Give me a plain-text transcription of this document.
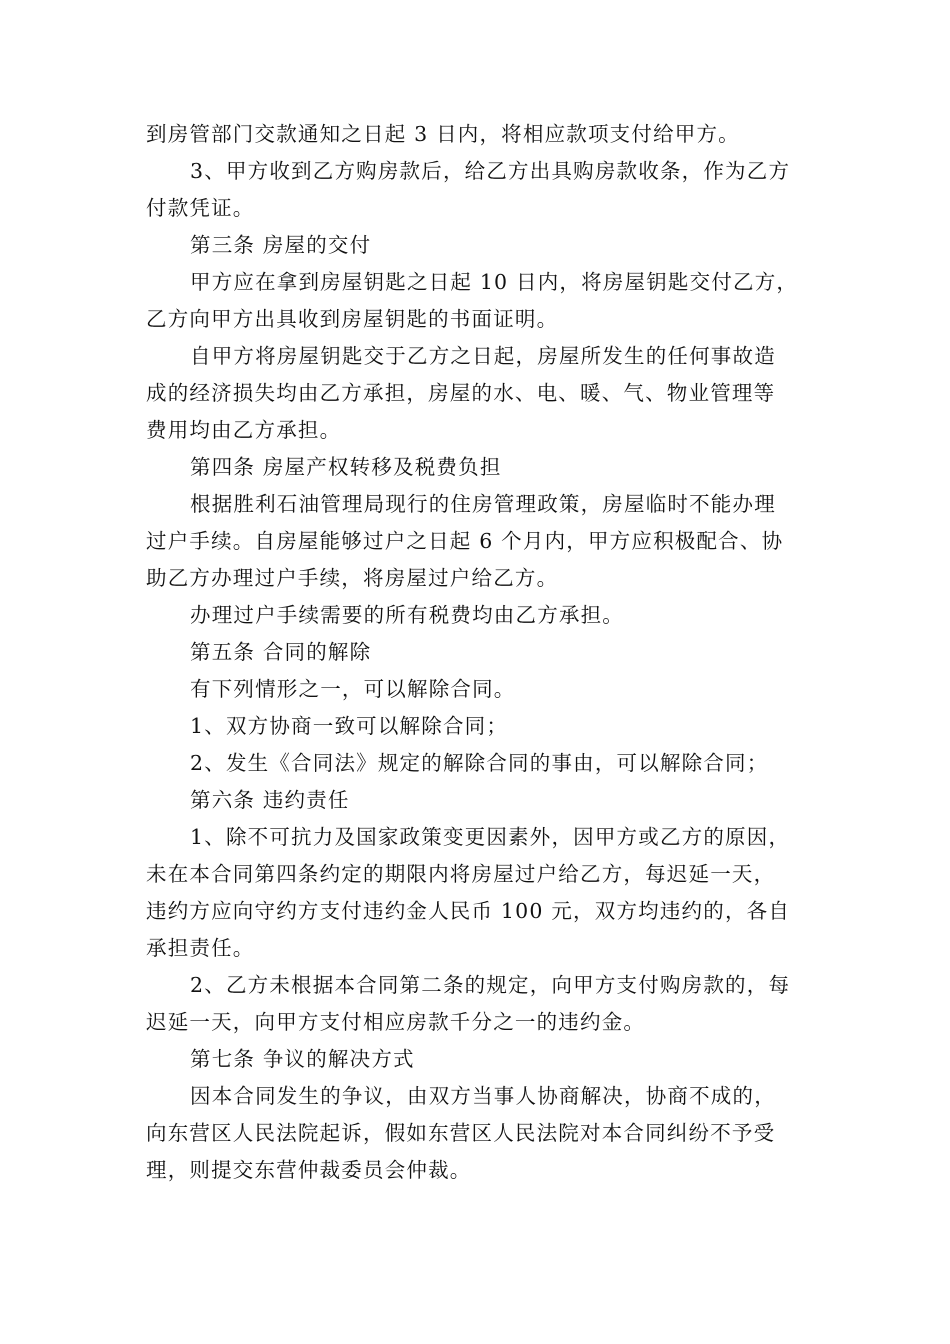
到房管部门交款通知之日起 3 日内，将相应款项支付给甲方。
3、甲方收到乙方购房款后，给乙方出具购房款收条，作为乙方
付款凭证。
第三条 房屋的交付
甲方应在拿到房屋钥匙之日起 10 日内，将房屋钥匙交付乙方，
乙方向甲方出具收到房屋钥匙的书面证明。
自甲方将房屋钥匙交于乙方之日起，房屋所发生的任何事故造
成的经济损失均由乙方承担，房屋的水、电、暖、气、物业管理等
费用均由乙方承担。
第四条 房屋产权转移及税费负担
根据胜利石油管理局现行的住房管理政策，房屋临时不能办理
过户手续。自房屋能够过户之日起 6 个月内，甲方应积极配合、协
助乙方办理过户手续，将房屋过户给乙方。
办理过户手续需要的所有税费均由乙方承担。
第五条 合同的解除
有下列情形之一，可以解除合同。
1、双方协商一致可以解除合同；
2、发生《合同法》规定的解除合同的事由，可以解除合同；
第六条 违约责任
1、除不可抗力及国家政策变更因素外，因甲方或乙方的原因，
未在本合同第四条约定的期限内将房屋过户给乙方，每迟延一天，
违约方应向守约方支付违约金人民币 100 元，双方均违约的，各自
承担责任。
2、乙方未根据本合同第二条的规定，向甲方支付购房款的，每
迟延一天，向甲方支付相应房款千分之一的违约金。
第七条 争议的解决方式
因本合同发生的争议，由双方当事人协商解决，协商不成的，
向东营区人民法院起诉，假如东营区人民法院对本合同纠纷不予受
理，则提交东营仲裁委员会仲裁。
